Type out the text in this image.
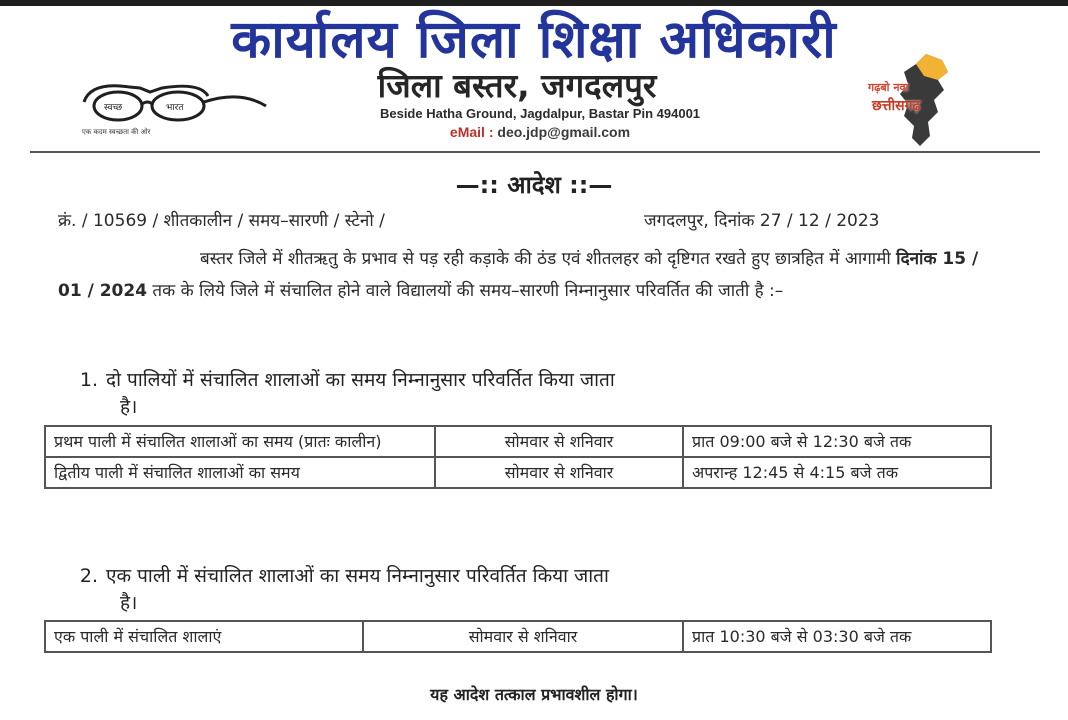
कार्यालय जिला शिक्षा अधिकारी
जिला बस्तर, जगदलपुर
Beside Hatha Ground, Jagdalpur, Bastar Pin 494001
eMail : deo.jdp@gmail.com
स्वच्छ	भारत
एक कदम स्वच्छता की ओर
गढ़बो नवा
छत्तीसगढ़
—:: आदेश ::—
क्रं. / 10569 / शीतकालीन / समय–सारणी / स्टेनो /	जगदलपुर, दिनांक 27 / 12 / 2023
बस्तर जिले में शीतऋतु के प्रभाव से पड़ रही कड़ाके की ठंड एवं शीतलहर को दृष्टिगत रखते हुए छात्रहित में आगामी दिनांक 15 / 01 / 2024 तक के लिये जिले में संचालित होने वाले विद्यालयों की समय–सारणी निम्नानुसार परिवर्तित की जाती है :–
1. दो पालियों में संचालित शालाओं का समय निम्नानुसार परिवर्तित किया जाता
है।
प्रथम पाली में संचालित शालाओं का समय (प्रातः कालीन)	सोमवार से शनिवार	प्रात 09:00 बजे से 12:30 बजे तक
द्वितीय पाली में संचालित शालाओं का समय	सोमवार से शनिवार	अपरान्ह 12:45 से 4:15 बजे तक
2. एक पाली में संचालित शालाओं का समय निम्नानुसार परिवर्तित किया जाता
है।
एक पाली में संचालित शालाएं	सोमवार से शनिवार	प्रात 10:30 बजे से 03:30 बजे तक
यह आदेश तत्काल प्रभावशील होगा।
